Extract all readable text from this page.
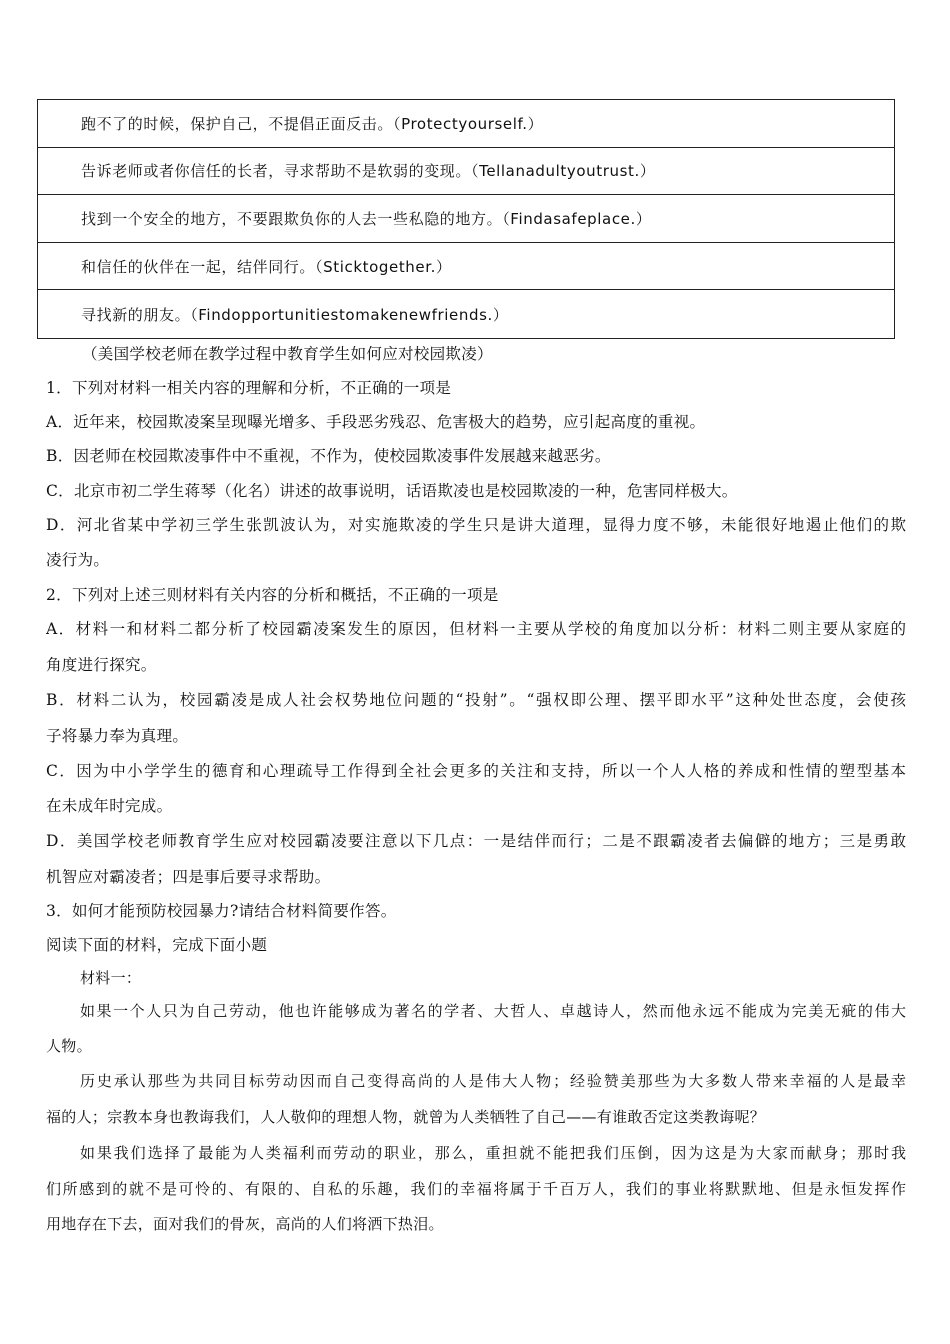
跑不了的时候，保护自己，不提倡正面反击。（Protectyourself.）
告诉老师或者你信任的长者，寻求帮助不是软弱的变现。（Tellanadultyoutrust.）
找到一个安全的地方，不要跟欺负你的人去一些私隐的地方。（Findasafeplace.）
和信任的伙伴在一起，结伴同行。（Sticktogether.）
寻找新的朋友。（Findopportunitiestomakenewfriends.）
（美国学校老师在教学过程中教育学生如何应对校园欺凌）
1．下列对材料一相关内容的理解和分析，不正确的一项是
A．近年来，校园欺凌案呈现曝光增多、手段恶劣残忍、危害极大的趋势，应引起高度的重视。
B．因老师在校园欺凌事件中不重视，不作为，使校园欺凌事件发展越来越恶劣。
C．北京市初二学生蒋琴（化名）讲述的故事说明，话语欺凌也是校园欺凌的一种，危害同样极大。
D．河北省某中学初三学生张凯波认为，对实施欺凌的学生只是讲大道理，显得力度不够，未能很好地遏止他们的欺
凌行为。
2．下列对上述三则材料有关内容的分析和概括，不正确的一项是
A．材料一和材料二都分析了校园霸凌案发生的原因，但材料一主要从学校的角度加以分析：材料二则主要从家庭的
角度进行探究。
B．材料二认为，校园霸凌是成人社会权势地位问题的“投射”。“强权即公理、摆平即水平”这种处世态度，会使孩
子将暴力奉为真理。
C．因为中小学学生的德育和心理疏导工作得到全社会更多的关注和支持，所以一个人人格的养成和性情的塑型基本
在未成年时完成。
D．美国学校老师教育学生应对校园霸凌要注意以下几点：一是结伴而行；二是不跟霸凌者去偏僻的地方；三是勇敢
机智应对霸凌者；四是事后要寻求帮助。
3．如何才能预防校园暴力?请结合材料简要作答。
阅读下面的材料，完成下面小题
材料一：
如果一个人只为自己劳动，他也许能够成为著名的学者、大哲人、卓越诗人，然而他永远不能成为完美无疵的伟大
人物。
历史承认那些为共同目标劳动因而自己变得高尚的人是伟大人物；经验赞美那些为大多数人带来幸福的人是最幸
福的人；宗教本身也教诲我们，人人敬仰的理想人物，就曾为人类牺牲了自己——有谁敢否定这类教诲呢？
如果我们选择了最能为人类福利而劳动的职业，那么，重担就不能把我们压倒，因为这是为大家而献身；那时我
们所感到的就不是可怜的、有限的、自私的乐趣，我们的幸福将属于千百万人，我们的事业将默默地、但是永恒发挥作
用地存在下去，面对我们的骨灰，高尚的人们将洒下热泪。
